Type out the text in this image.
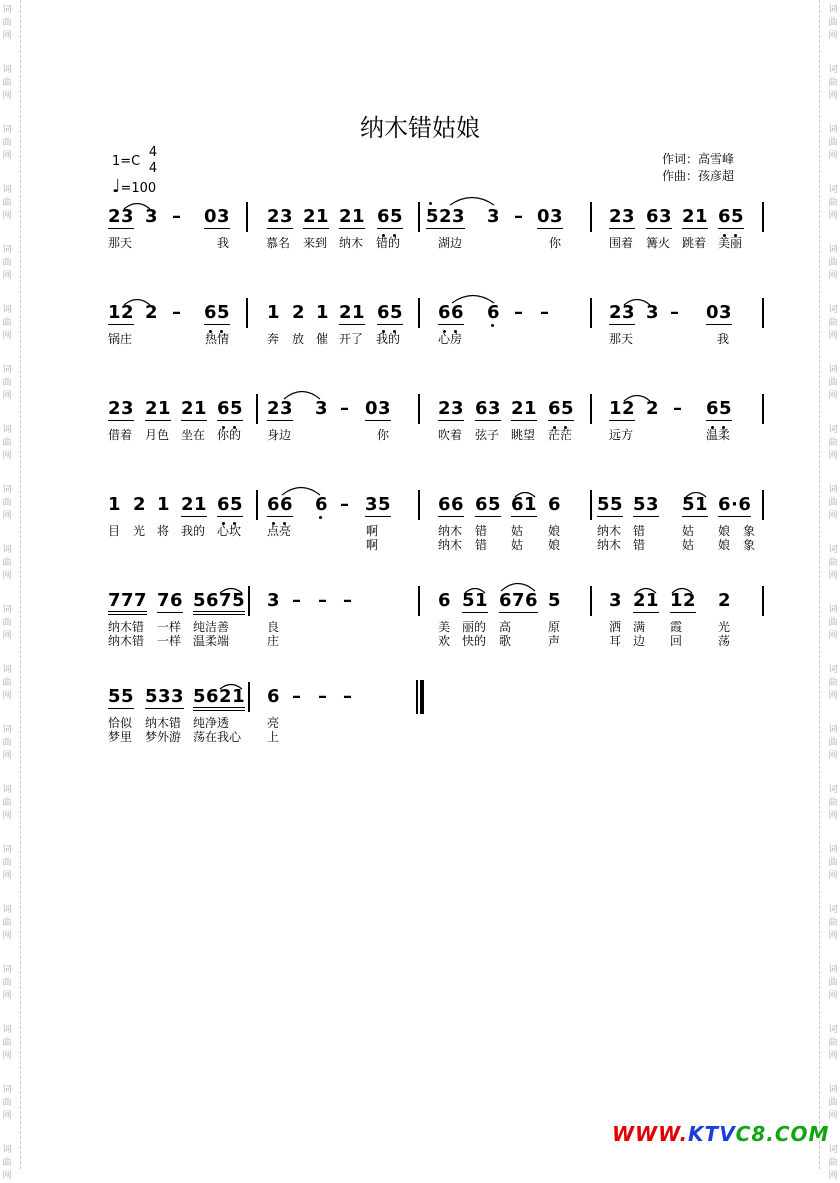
词
曲
网
词
曲
网
词
曲
网
词
曲
网
词
曲
网
词
曲
网
词
曲
网
词
曲
网
词
曲
网
词
曲
网
词
曲
网
词
曲
网
词
曲
网
词
曲
网
词
曲
网
词
曲
网
词
曲
网
词
曲
网
词
曲
网
词
曲
网
词
曲
网
词
曲
网
词
曲
网
词
曲
网
词
曲
网
词
曲
网
词
曲
网
词
曲
网
词
曲
网
词
曲
网
词
曲
网
词
曲
网
词
曲
网
词
曲
网
词
曲
网
词
曲
网
词
曲
网
词
曲
网
词
曲
网
词
曲
网
纳木错姑娘
1=C
4
4
♩=100
作词：高雪峰
作曲：孩彦超
23 3 – 03 23 21 21 65 523 3 – 03	23 63 21 65
那天	我	慕名 来到 纳木 错的	湖边	你	围着 篝火 跳着 美丽
12 2 – 65 1 2 1 21 65 66 6 – –	23 3 – 03
锅庄	热情	奔 放 催 开了 我的	心房	那天	我
23 21 21 65 23 3 – 03	23 63 21 65 12 2 – 65
借着 月色 坐在 你的 身边	你	吹着 弦子 眺望 茫茫	远方	温柔
1 2 1 21 65 66 6 – 35	66 65 61 6 55 53 51 6·6
目 光 将 我的 心坎 点亮	啊	纳木 错 姑 娘	纳木 错	姑 娘 象
啊	纳木 错 姑 娘	纳木 错	姑 娘 象
777 76 5675 3 – – –	6 51 676 5	3 21 12 2
纳木错 一样 纯洁善	良	美 丽的 高	原	洒 满 霞	光
纳木错 一样 温柔端	庄	欢 快的 歌	声	耳 边 回	荡
55 533 5621 6 – – –
恰似 纳木错 纯净透	亮
梦里 梦外游 荡在我心 上
WWW.KTVC8.COM
